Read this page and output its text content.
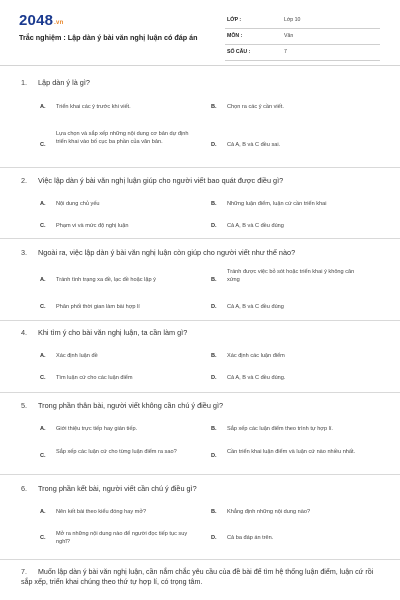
2048.vn
Trắc nghiệm : Lập dàn ý bài văn nghị luận có đáp án
LỚP :	Lớp 10
MÔN :	Văn
SỐ CÂU :	7
1. Lập dàn ý là gì?
A. Triển khai các ý trước khi viết.	B. Chọn ra các ý cần viết.
C.
Lựa chọn và sắp xếp những nội dung cơ bản dự định triển khai vào bố cục ba phần của văn bản.	D. Cả A, B và C đều sai.
2. Việc lập dàn ý bài văn nghị luận giúp cho người viết bao quát được điều gì?
A. Nội dung chủ yếu	B. Những luận điểm, luận cứ cần triển khai
C. Phạm vi và mức độ nghị luận	D. Cả A, B và C đều đúng
3. Ngoài ra, việc lập dàn ý bài văn nghị luận còn giúp cho người viết như thế nào?
A. Tránh tình trạng xa đề, lạc đề hoặc lặp ý	B.
Tránh được việc bỏ sót hoặc triển khai ý không cân xứng
C. Phân phối thời gian làm bài hợp lí	D. Cả A, B và C đều đúng
4. Khi tìm ý cho bài văn nghị luận, ta cần làm gì?
A. Xác định luận đề	B. Xác định các luận điểm
C. Tìm luận cứ cho các luận điểm	D. Cả A, B và C đều đúng.
5. Trong phần thân bài, người viết không cần chú ý điều gì?
A. Giới thiệu trực tiếp hay gián tiếp.	B. Sắp xếp các luận điểm theo trình tự hợp lí.
C.
Sắp xếp các luận cứ cho từng luận điểm ra sao?
D.
Cần triển khai luận điểm và luận cứ nào nhiều nhất.
6. Trong phần kết bài, người viết cần chú ý điều gì?
A. Nên kết bài theo kiểu đóng hay mở?	B. Khẳng định những nội dung nào?
C.
Mở ra những nội dung nào để người đọc tiếp tục suy nghĩ?
D. Cả ba đáp án trên.
7. Muốn lập dàn ý bài văn nghị luận, cần nắm chắc yêu cầu của đề bài để tìm hệ thống luận điểm, luận cứ rồi sắp xếp, triển khai chúng theo thứ tự hợp lí, có trọng tâm.
